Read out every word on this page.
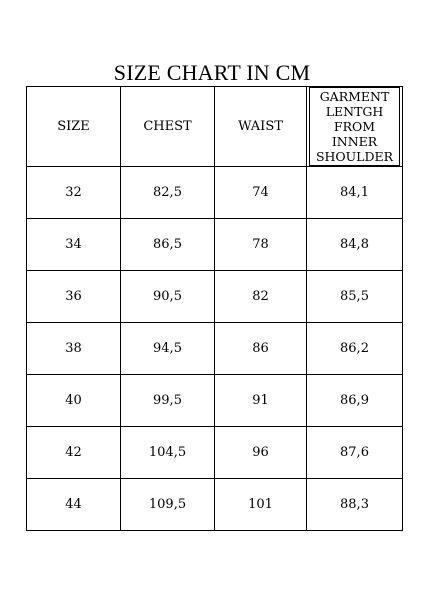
SIZE CHART IN CM
SIZE	CHEST	WAIST	GARMENT
LENTGH
FROM INNER
SHOULDER

32	82,5	74	84,1
34	86,5	78	84,8
36	90,5	82	85,5
38	94,5	86	86,2
40	99,5	91	86,9
42	104,5	96	87,6
44	109,5	101	88,3
